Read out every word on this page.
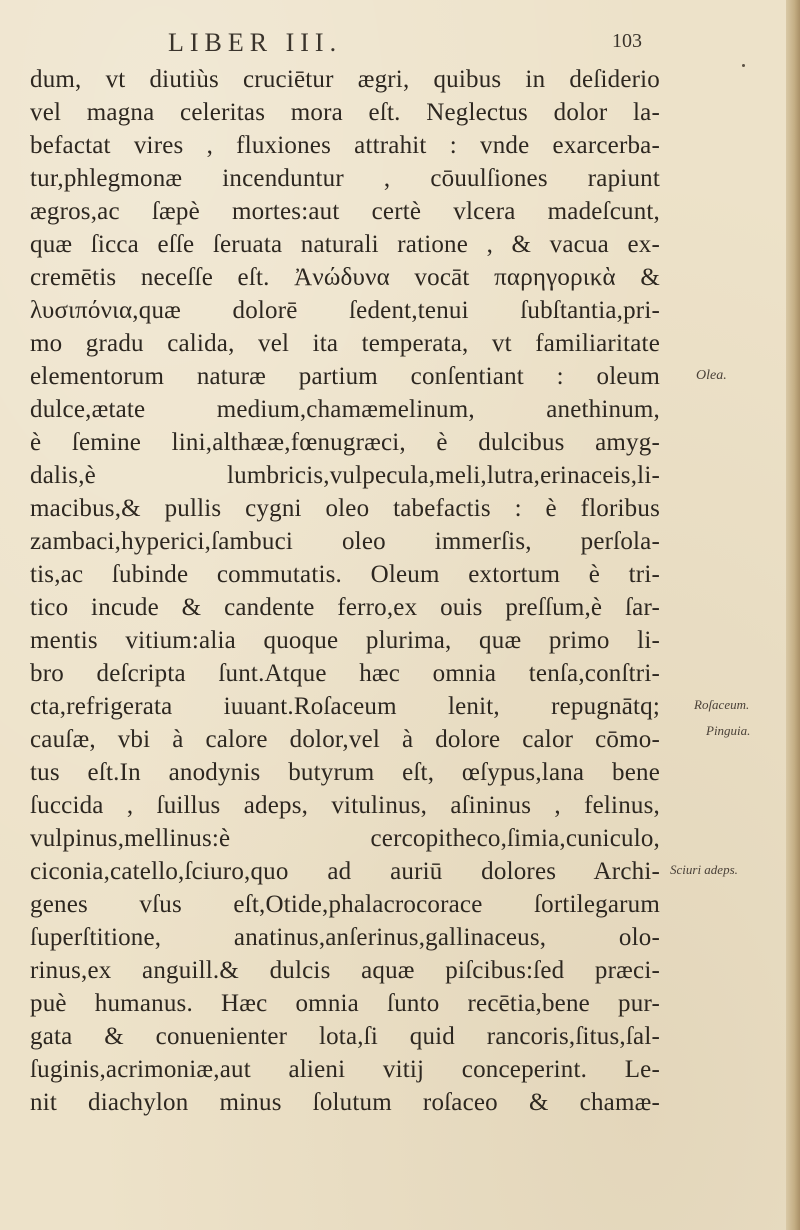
LIBER III.	103
dum, vt diutiùs cruciētur ægri, quibus in deſiderio
vel magna celeritas mora eſt. Neglectus dolor la-
befactat vires , fluxiones attrahit : vnde exarcerba-
tur,phlegmonæ incenduntur , cōuulſiones rapiunt
ægros,ac ſæpè mortes:aut certè vlcera madeſcunt,
quæ ſicca eſſe ſeruata naturali ratione , & vacua ex-
cremētis neceſſe eſt. Ἀνώδυνα vocāt παρηγορικὰ &
λυσιπόνια,quæ dolorē ſedent,tenui ſubſtantia,pri-
mo gradu calida, vel ita temperata, vt familiaritate
elementorum naturæ partium conſentiant : oleum
dulce,ætate medium,chamæmelinum, anethinum,
è ſemine lini,althææ,fœnugræci, è dulcibus amyg-
dalis,è lumbricis,vulpecula,meli,lutra,erinaceis,li-
macibus,& pullis cygni oleo tabefactis : è floribus
zambaci,hyperici,ſambuci oleo immerſis, perſola-
tis,ac ſubinde commutatis. Oleum extortum è tri-
tico incude & candente ferro,ex ouis preſſum,è ſar-
mentis vitium:alia quoque plurima, quæ primo li-
bro deſcripta ſunt.Atque hæc omnia tenſa,conſtri-
cta,refrigerata iuuant.Roſaceum lenit, repugnātq;
cauſæ, vbi à calore dolor,vel à dolore calor cōmo-
tus eſt.In anodynis butyrum eſt, œſypus,lana bene
ſuccida , ſuillus adeps, vitulinus, aſininus , felinus,
vulpinus,mellinus:è cercopitheco,ſimia,cuniculo,
ciconia,catello,ſciuro,quo ad auriū dolores Archi-
genes vſus eſt,Otide,phalacrocorace ſortilegarum
ſuperſtitione, anatinus,anſerinus,gallinaceus, olo-
rinus,ex anguill.& dulcis aquæ piſcibus:ſed præci-
puè humanus. Hæc omnia ſunto recētia,bene pur-
gata & conuenienter lota,ſi quid rancoris,ſitus,ſal-
ſuginis,acrimoniæ,aut alieni vitij conceperint. Le-
nit diachylon minus ſolutum roſaceo & chamæ-
Olea.
Roſaceum.
Pinguia.
Sciuri adeps.
